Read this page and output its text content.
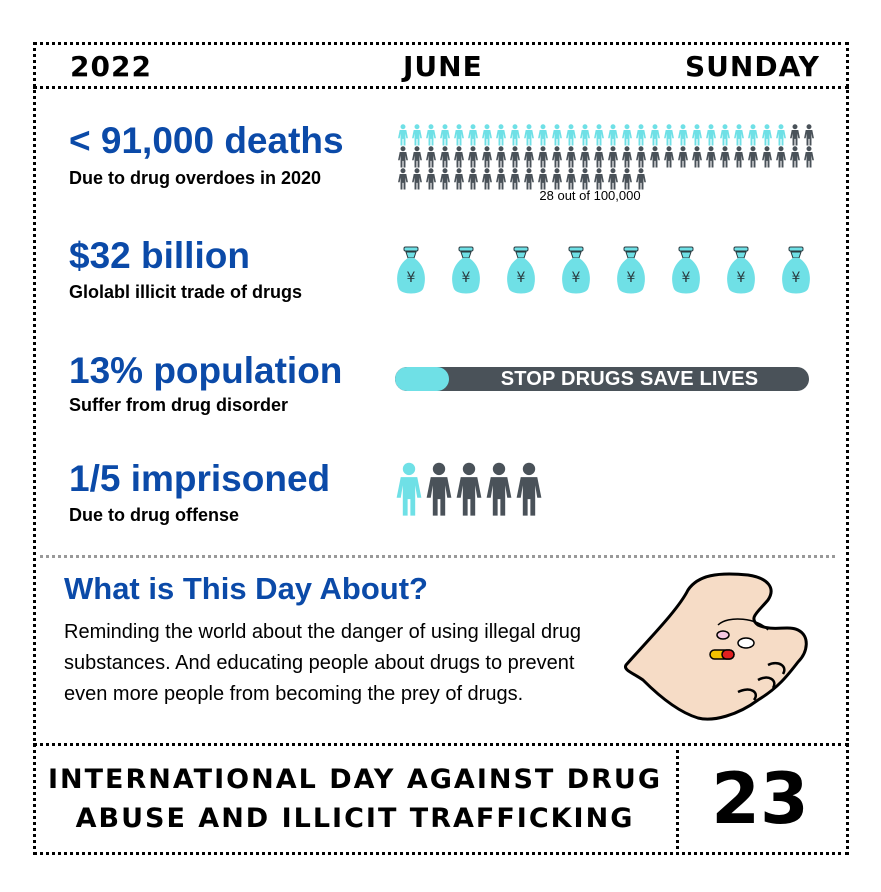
2022	JUNE	SUNDAY
< 91,000 deaths
Due to drug overdoes in 2020
$32 billion
Glolabl illicit trade of drugs
13% population
Suffer from drug disorder
1/5 imprisoned
Due to drug offense
28 out of 100,000
¥	¥	¥	¥	¥	¥	¥	¥
STOP DRUGS SAVE LIVES
What is This Day About?
Reminding the world about the danger of using illegal drug substances. And educating people about drugs to prevent even more people from becoming the prey of drugs.
INTERNATIONAL DAY AGAINST DRUG ABUSE AND ILLICIT TRAFFICKING	23
